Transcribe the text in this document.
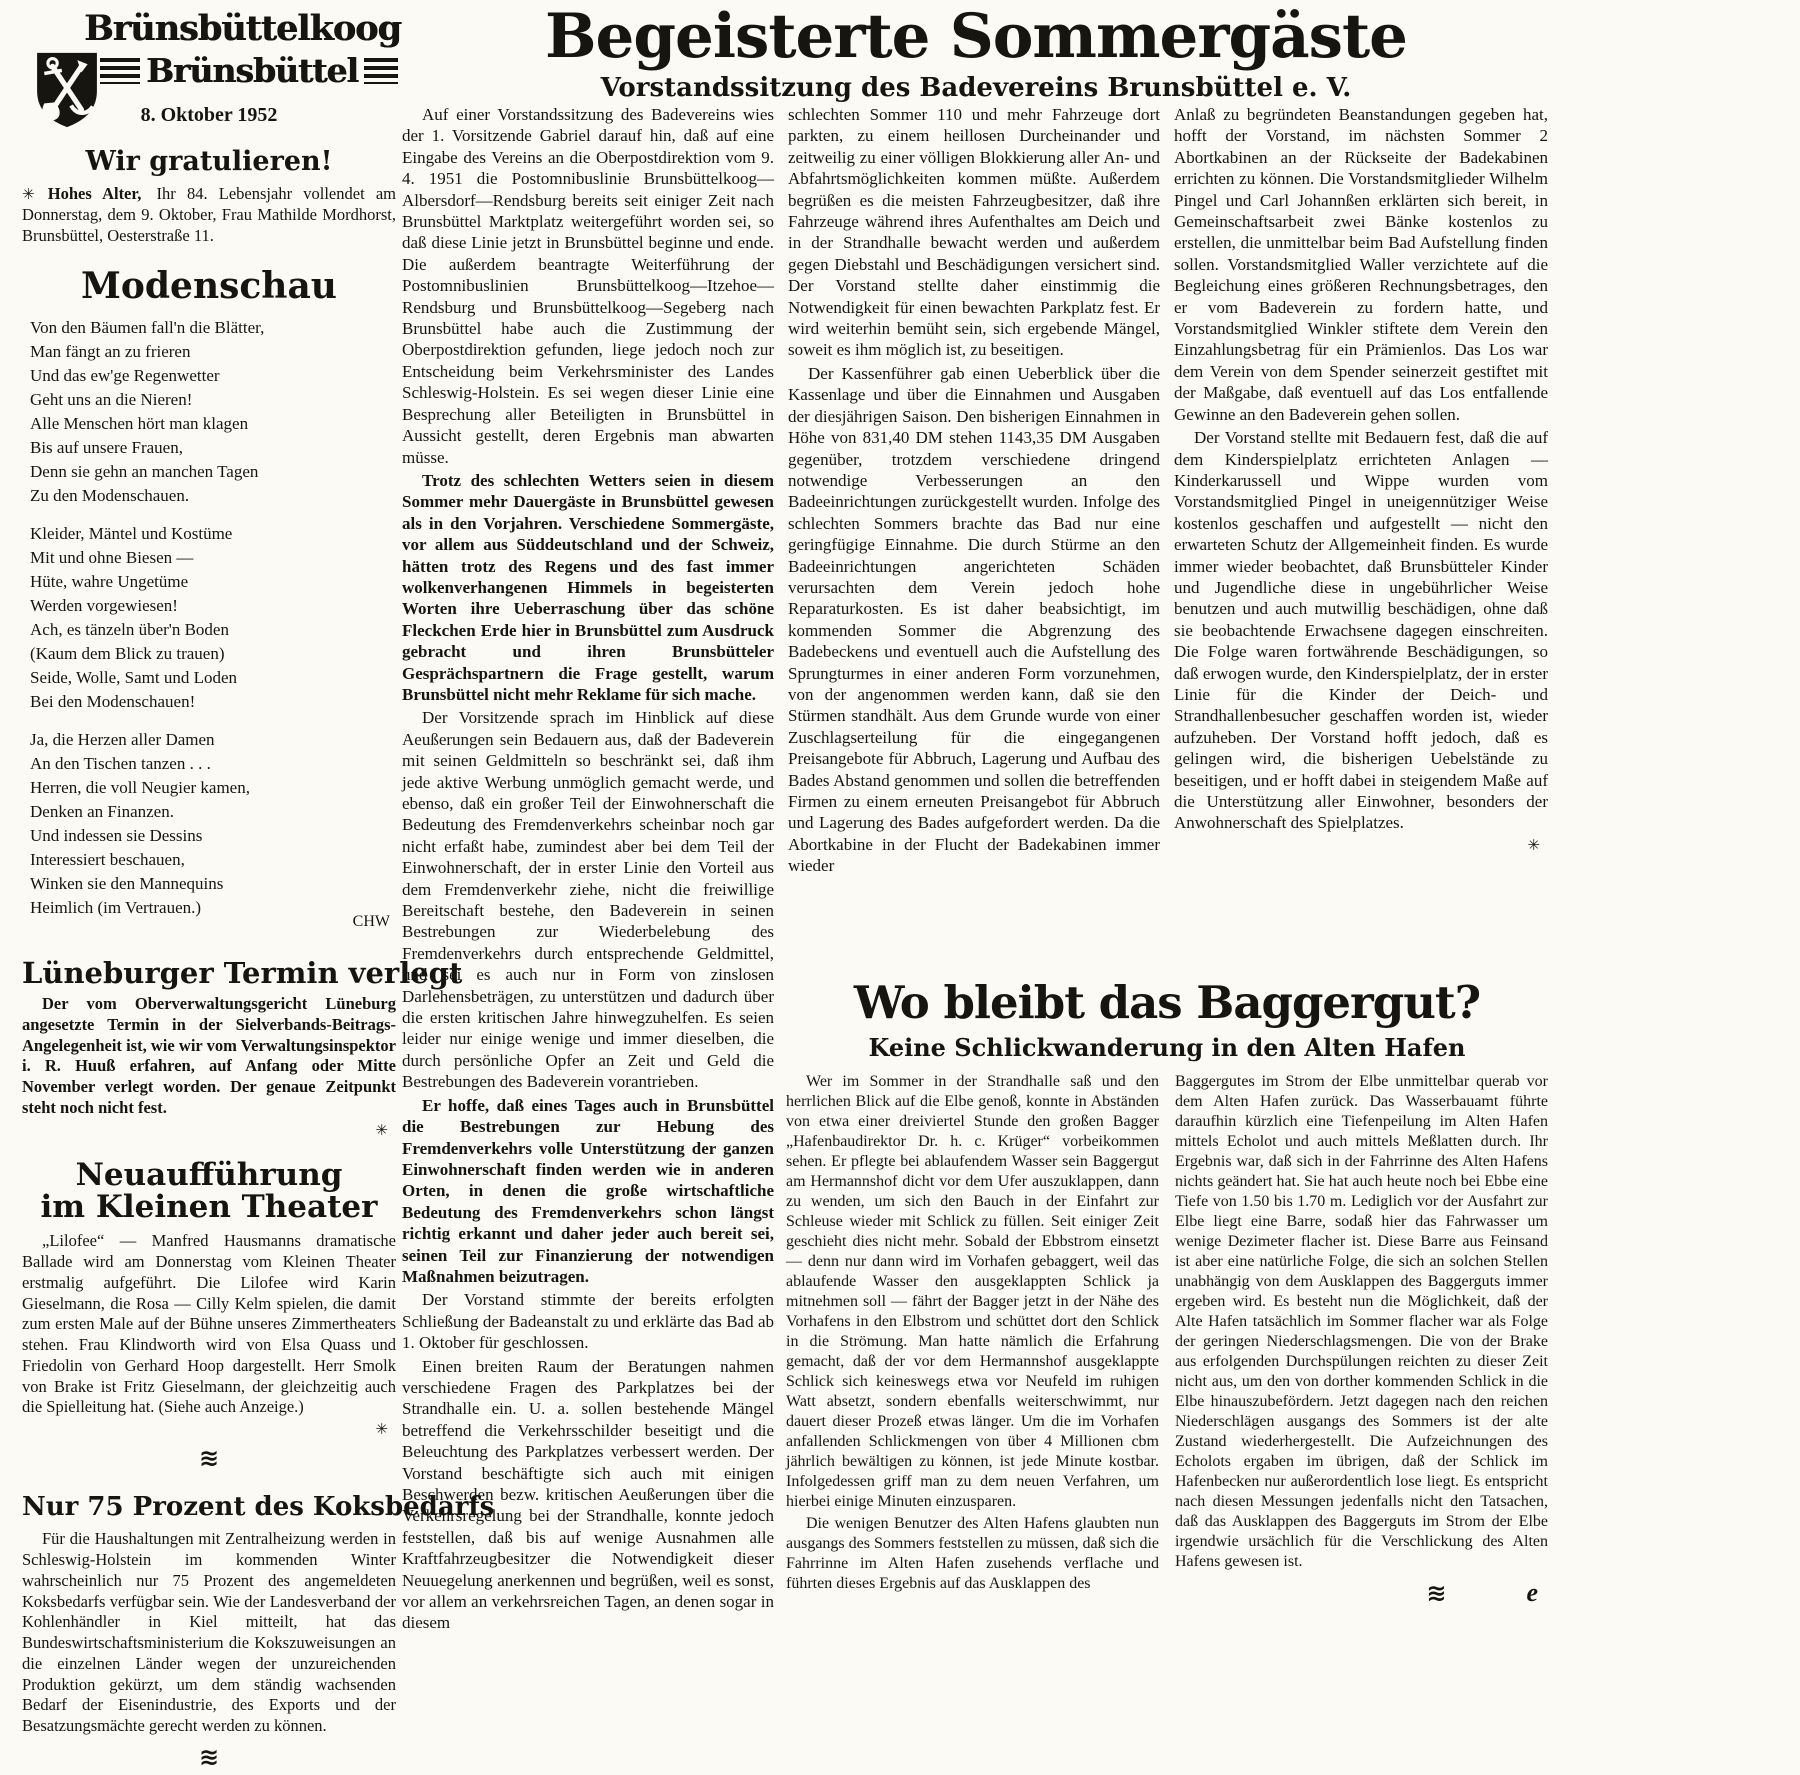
Brünsbüttelkoog
Brünsbüttel
8. Oktober 1952
Wir gratulieren!

✳ Hohes Alter, Ihr 84. Lebensjahr vollendet am Donnerstag, dem 9. Oktober, Frau Mathilde Mordhorst, Brunsbüttel, Oesterstraße 11.

Modenschau
Von den Bäumen fall'n die Blätter,
Man fängt an zu frieren
Und das ew'ge Regenwetter
Geht uns an die Nieren!
Alle Menschen hört man klagen
Bis auf unsere Frauen,
Denn sie gehn an manchen Tagen
Zu den Modenschauen.
Kleider, Mäntel und Kostüme
Mit und ohne Biesen —
Hüte, wahre Ungetüme
Werden vorgewiesen!
Ach, es tänzeln über'n Boden
(Kaum dem Blick zu trauen)
Seide, Wolle, Samt und Loden
Bei den Modenschauen!
Ja, die Herzen aller Damen
An den Tischen tanzen . . .
Herren, die voll Neugier kamen,
Denken an Finanzen.
Und indessen sie Dessins
Interessiert beschauen,
Winken sie den Mannequins
Heimlich (im Vertrauen.)
CHW
Lüneburger Termin verlegt

Der vom Oberverwaltungsgericht Lüneburg angesetzte Termin in der Sielverbands-Beitrags-Angelegenheit ist, wie wir vom Verwaltungsinspektor i. R. Huuß erfahren, auf Anfang oder Mitte November verlegt worden. Der genaue Zeitpunkt steht noch nicht fest.

✳
Neuaufführung
im Kleinen Theater

„Lilofee“ — Manfred Hausmanns dramatische Ballade wird am Donnerstag vom Kleinen Theater erstmalig aufgeführt. Die Lilofee wird Karin Gieselmann, die Rosa — Cilly Kelm spielen, die damit zum ersten Male auf der Bühne unseres Zimmertheaters stehen. Frau Klindworth wird von Elsa Quass und Friedolin von Gerhard Hoop dargestellt. Herr Smolk von Brake ist Fritz Gieselmann, der gleichzeitig auch die Spielleitung hat. (Siehe auch Anzeige.)

✳
≋
Nur 75 Prozent des Koksbedarfs

Für die Haushaltungen mit Zentralheizung werden in Schleswig-Holstein im kommenden Winter wahrscheinlich nur 75 Prozent des angemeldeten Koksbedarfs verfügbar sein. Wie der Landesverband der Kohlenhändler in Kiel mitteilt, hat das Bundeswirtschaftsministerium die Kokszuweisungen an die einzelnen Länder wegen der unzureichenden Produktion gekürzt, um dem ständig wachsenden Bedarf der Eisenindustrie, des Exports und der Besatzungsmächte gerecht werden zu können.

≋
Begeisterte Sommergäste
Vorstandssitzung des Badevereins Brunsbüttel e. V.

Auf einer Vorstandssitzung des Badevereins wies der 1. Vorsitzende Gabriel darauf hin, daß auf eine Eingabe des Vereins an die Oberpostdirektion vom 9. 4. 1951 die Postomnibuslinie Brunsbüttelkoog—Albersdorf—Rendsburg bereits seit einiger Zeit nach Brunsbüttel Marktplatz weitergeführt worden sei, so daß diese Linie jetzt in Brunsbüttel beginne und ende. Die außerdem beantragte Weiterführung der Postomnibuslinien Brunsbüttelkoog—Itzehoe—Rendsburg und Brunsbüttelkoog—Segeberg nach Brunsbüttel habe auch die Zustimmung der Oberpostdirektion gefunden, liege jedoch noch zur Entscheidung beim Verkehrsminister des Landes Schleswig-Holstein. Es sei wegen dieser Linie eine Besprechung aller Beteiligten in Brunsbüttel in Aussicht gestellt, deren Ergebnis man abwarten müsse.

Trotz des schlechten Wetters seien in diesem Sommer mehr Dauergäste in Brunsbüttel gewesen als in den Vorjahren. Verschiedene Sommergäste, vor allem aus Süddeutschland und der Schweiz, hätten trotz des Regens und des fast immer wolkenverhangenen Himmels in begeisterten Worten ihre Ueberraschung über das schöne Fleckchen Erde hier in Brunsbüttel zum Ausdruck gebracht und ihren Brunsbütteler Gesprächspartnern die Frage gestellt, warum Brunsbüttel nicht mehr Reklame für sich mache.

Der Vorsitzende sprach im Hinblick auf diese Aeußerungen sein Bedauern aus, daß der Badeverein mit seinen Geldmitteln so beschränkt sei, daß ihm jede aktive Werbung unmöglich gemacht werde, und ebenso, daß ein großer Teil der Einwohnerschaft die Bedeutung des Fremdenverkehrs scheinbar noch gar nicht erfaßt habe, zumindest aber bei dem Teil der Einwohnerschaft, der in erster Linie den Vorteil aus dem Fremdenverkehr ziehe, nicht die freiwillige Bereitschaft bestehe, den Badeverein in seinen Bestrebungen zur Wiederbelebung des Fremdenverkehrs durch entsprechende Geldmittel, und sei es auch nur in Form von zinslosen Darlehensbeträgen, zu unterstützen und dadurch über die ersten kritischen Jahre hinwegzuhelfen. Es seien leider nur einige wenige und immer dieselben, die durch persönliche Opfer an Zeit und Geld die Bestrebungen des Badeverein vorantrieben.

Er hoffe, daß eines Tages auch in Brunsbüttel die Bestrebungen zur Hebung des Fremdenverkehrs volle Unterstützung der ganzen Einwohnerschaft finden werden wie in anderen Orten, in denen die große wirtschaftliche Bedeutung des Fremdenverkehrs schon längst richtig erkannt und daher jeder auch bereit sei, seinen Teil zur Finanzierung der notwendigen Maßnahmen beizutragen.

Der Vorstand stimmte der bereits erfolgten Schließung der Badeanstalt zu und erklärte das Bad ab 1. Oktober für geschlossen.

Einen breiten Raum der Beratungen nahmen verschiedene Fragen des Parkplatzes bei der Strandhalle ein. U. a. sollen bestehende Mängel betreffend die Verkehrsschilder beseitigt und die Beleuchtung des Parkplatzes verbessert werden. Der Vorstand beschäftigte sich auch mit einigen Beschwerden bezw. kritischen Aeußerungen über die Verkehrsregelung bei der Strandhalle, konnte jedoch feststellen, daß bis auf wenige Ausnahmen alle Kraftfahrzeugbesitzer die Notwendigkeit dieser Neuuegelung anerkennen und begrüßen, weil es sonst, vor allem an verkehrsreichen Tagen, an denen sogar in diesem

schlechten Sommer 110 und mehr Fahrzeuge dort parkten, zu einem heillosen Durcheinander und zeitweilig zu einer völligen Blokkierung aller An- und Abfahrtsmöglichkeiten kommen müßte. Außerdem begrüßen es die meisten Fahrzeugbesitzer, daß ihre Fahrzeuge während ihres Aufenthaltes am Deich und in der Strandhalle bewacht werden und außerdem gegen Diebstahl und Beschädigungen versichert sind. Der Vorstand stellte daher einstimmig die Notwendigkeit für einen bewachten Parkplatz fest. Er wird weiterhin bemüht sein, sich ergebende Mängel, soweit es ihm möglich ist, zu beseitigen.

Der Kassenführer gab einen Ueberblick über die Kassenlage und über die Einnahmen und Ausgaben der diesjährigen Saison. Den bisherigen Einnahmen in Höhe von 831,40 DM stehen 1143,35 DM Ausgaben gegenüber, trotzdem verschiedene dringend notwendige Verbesserungen an den Badeeinrichtungen zurückgestellt wurden. Infolge des schlechten Sommers brachte das Bad nur eine geringfügige Einnahme. Die durch Stürme an den Badeeinrichtungen angerichteten Schäden verursachten dem Verein jedoch hohe Reparaturkosten. Es ist daher beabsichtigt, im kommenden Sommer die Abgrenzung des Badebeckens und eventuell auch die Aufstellung des Sprungturmes in einer anderen Form vorzunehmen, von der angenommen werden kann, daß sie den Stürmen standhält. Aus dem Grunde wurde von einer Zuschlagserteilung für die eingegangenen Preisangebote für Abbruch, Lagerung und Aufbau des Bades Abstand genommen und sollen die betreffenden Firmen zu einem erneuten Preisangebot für Abbruch und Lagerung des Bades aufgefordert werden. Da die Abortkabine in der Flucht der Badekabinen immer wieder

Anlaß zu begründeten Beanstandungen gegeben hat, hofft der Vorstand, im nächsten Sommer 2 Abortkabinen an der Rückseite der Badekabinen errichten zu können. Die Vorstandsmitglieder Wilhelm Pingel und Carl Johannßen erklärten sich bereit, in Gemeinschaftsarbeit zwei Bänke kostenlos zu erstellen, die unmittelbar beim Bad Aufstellung finden sollen. Vorstandsmitglied Waller verzichtete auf die Begleichung eines größeren Rechnungsbetrages, den er vom Badeverein zu fordern hatte, und Vorstandsmitglied Winkler stiftete dem Verein den Einzahlungsbetrag für ein Prämienlos. Das Los war dem Verein von dem Spender seinerzeit gestiftet mit der Maßgabe, daß eventuell auf das Los entfallende Gewinne an den Badeverein gehen sollen.

Der Vorstand stellte mit Bedauern fest, daß die auf dem Kinderspielplatz errichteten Anlagen — Kinderkarussell und Wippe wurden vom Vorstandsmitglied Pingel in uneigennütziger Weise kostenlos geschaffen und aufgestellt — nicht den erwarteten Schutz der Allgemeinheit finden. Es wurde immer wieder beobachtet, daß Brunsbütteler Kinder und Jugendliche diese in ungebührlicher Weise benutzen und auch mutwillig beschädigen, ohne daß sie beobachtende Erwachsene dagegen einschreiten. Die Folge waren fortwährende Beschädigungen, so daß erwogen wurde, den Kinderspielplatz, der in erster Linie für die Kinder der Deich- und Strandhallenbesucher geschaffen worden ist, wieder aufzuheben. Der Vorstand hofft jedoch, daß es gelingen wird, die bisherigen Uebelstände zu beseitigen, und er hofft dabei in steigendem Maße auf die Unterstützung aller Einwohner, besonders der Anwohnerschaft des Spielplatzes.

✳
Wo bleibt das Baggergut?
Keine Schlickwanderung in den Alten Hafen

Wer im Sommer in der Strandhalle saß und den herrlichen Blick auf die Elbe genoß, konnte in Abständen von etwa einer dreiviertel Stunde den großen Bagger „Hafenbaudirektor Dr. h. c. Krüger“ vorbeikommen sehen. Er pflegte bei ablaufendem Wasser sein Baggergut am Hermannshof dicht vor dem Ufer auszuklappen, dann zu wenden, um sich den Bauch in der Einfahrt zur Schleuse wieder mit Schlick zu füllen. Seit einiger Zeit geschieht dies nicht mehr. Sobald der Ebbstrom einsetzt — denn nur dann wird im Vorhafen gebaggert, weil das ablaufende Wasser den ausgeklappten Schlick ja mitnehmen soll — fährt der Bagger jetzt in der Nähe des Vorhafens in den Elbstrom und schüttet dort den Schlick in die Strömung. Man hatte nämlich die Erfahrung gemacht, daß der vor dem Hermannshof ausgeklappte Schlick sich keineswegs etwa vor Neufeld im ruhigen Watt absetzt, sondern ebenfalls weiterschwimmt, nur dauert dieser Prozeß etwas länger. Um die im Vorhafen anfallenden Schlickmengen von über 4 Millionen cbm jährlich bewältigen zu können, ist jede Minute kostbar. Infolgedessen griff man zu dem neuen Verfahren, um hierbei einige Minuten einzusparen.

Die wenigen Benutzer des Alten Hafens glaubten nun ausgangs des Sommers feststellen zu müssen, daß sich die Fahrrinne im Alten Hafen zusehends verflache und führten dieses Ergebnis auf das Ausklappen des

Baggergutes im Strom der Elbe unmittelbar querab vor dem Alten Hafen zurück. Das Wasserbauamt führte daraufhin kürzlich eine Tiefenpeilung im Alten Hafen mittels Echolot und auch mittels Meßlatten durch. Ihr Ergebnis war, daß sich in der Fahrrinne des Alten Hafens nichts geändert hat. Sie hat auch heute noch bei Ebbe eine Tiefe von 1.50 bis 1.70 m. Lediglich vor der Ausfahrt zur Elbe liegt eine Barre, sodaß hier das Fahrwasser um wenige Dezimeter flacher ist. Diese Barre aus Feinsand ist aber eine natürliche Folge, die sich an solchen Stellen unabhängig von dem Ausklappen des Baggerguts immer ergeben wird. Es besteht nun die Möglichkeit, daß der Alte Hafen tatsächlich im Sommer flacher war als Folge der geringen Niederschlagsmengen. Die von der Brake aus erfolgenden Durchspülungen reichten zu dieser Zeit nicht aus, um den von dorther kommenden Schlick in die Elbe hinauszubefördern. Jetzt dagegen nach den reichen Niederschlägen ausgangs des Sommers ist der alte Zustand wiederhergestellt. Die Aufzeichnungen des Echolots ergaben im übrigen, daß der Schlick im Hafenbecken nur außerordentlich lose liegt. Es entspricht nach diesen Messungen jedenfalls nicht den Tatsachen, daß das Ausklappen des Baggerguts im Strom der Elbe irgendwie ursächlich für die Verschlickung des Alten Hafens gewesen ist.

≋	e
